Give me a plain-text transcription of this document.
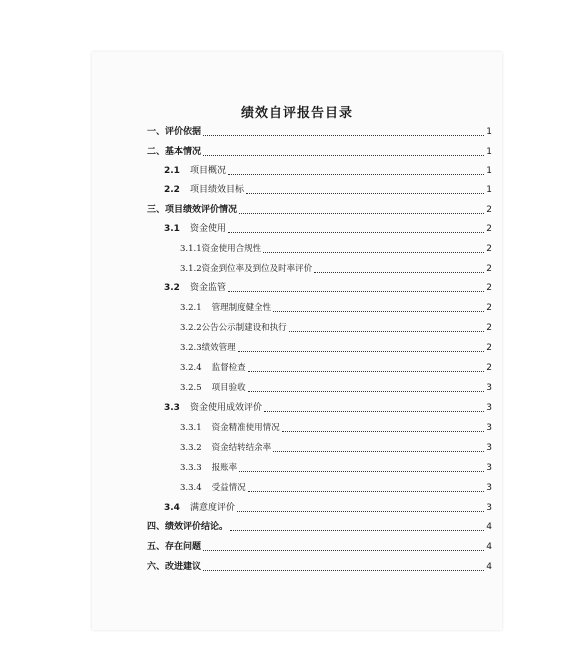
绩效自评报告目录
一、评价依据	1
二、基本情况	1
2.1 项目概况	1
2.2 项目绩效目标	1
三、项目绩效评价情况	2
3.1 资金使用	2
3.1.1资金使用合规性	2
3.1.2资金到位率及到位及时率评价	2
3.2 资金监管	2
3.2.1 管理制度健全性	2
3.2.2公告公示制建设和执行	2
3.2.3绩效管理	2
3.2.4 监督检查	2
3.2.5 项目验收	3
3.3 资金使用成效评价	3
3.3.1 资金精准使用情况	3
3.3.2 资金结转结余率	3
3.3.3 报账率	3
3.3.4 受益情况	3
3.4 满意度评价	3
四、绩效评价结论。	4
五、存在问题	4
六、改进建议	4
